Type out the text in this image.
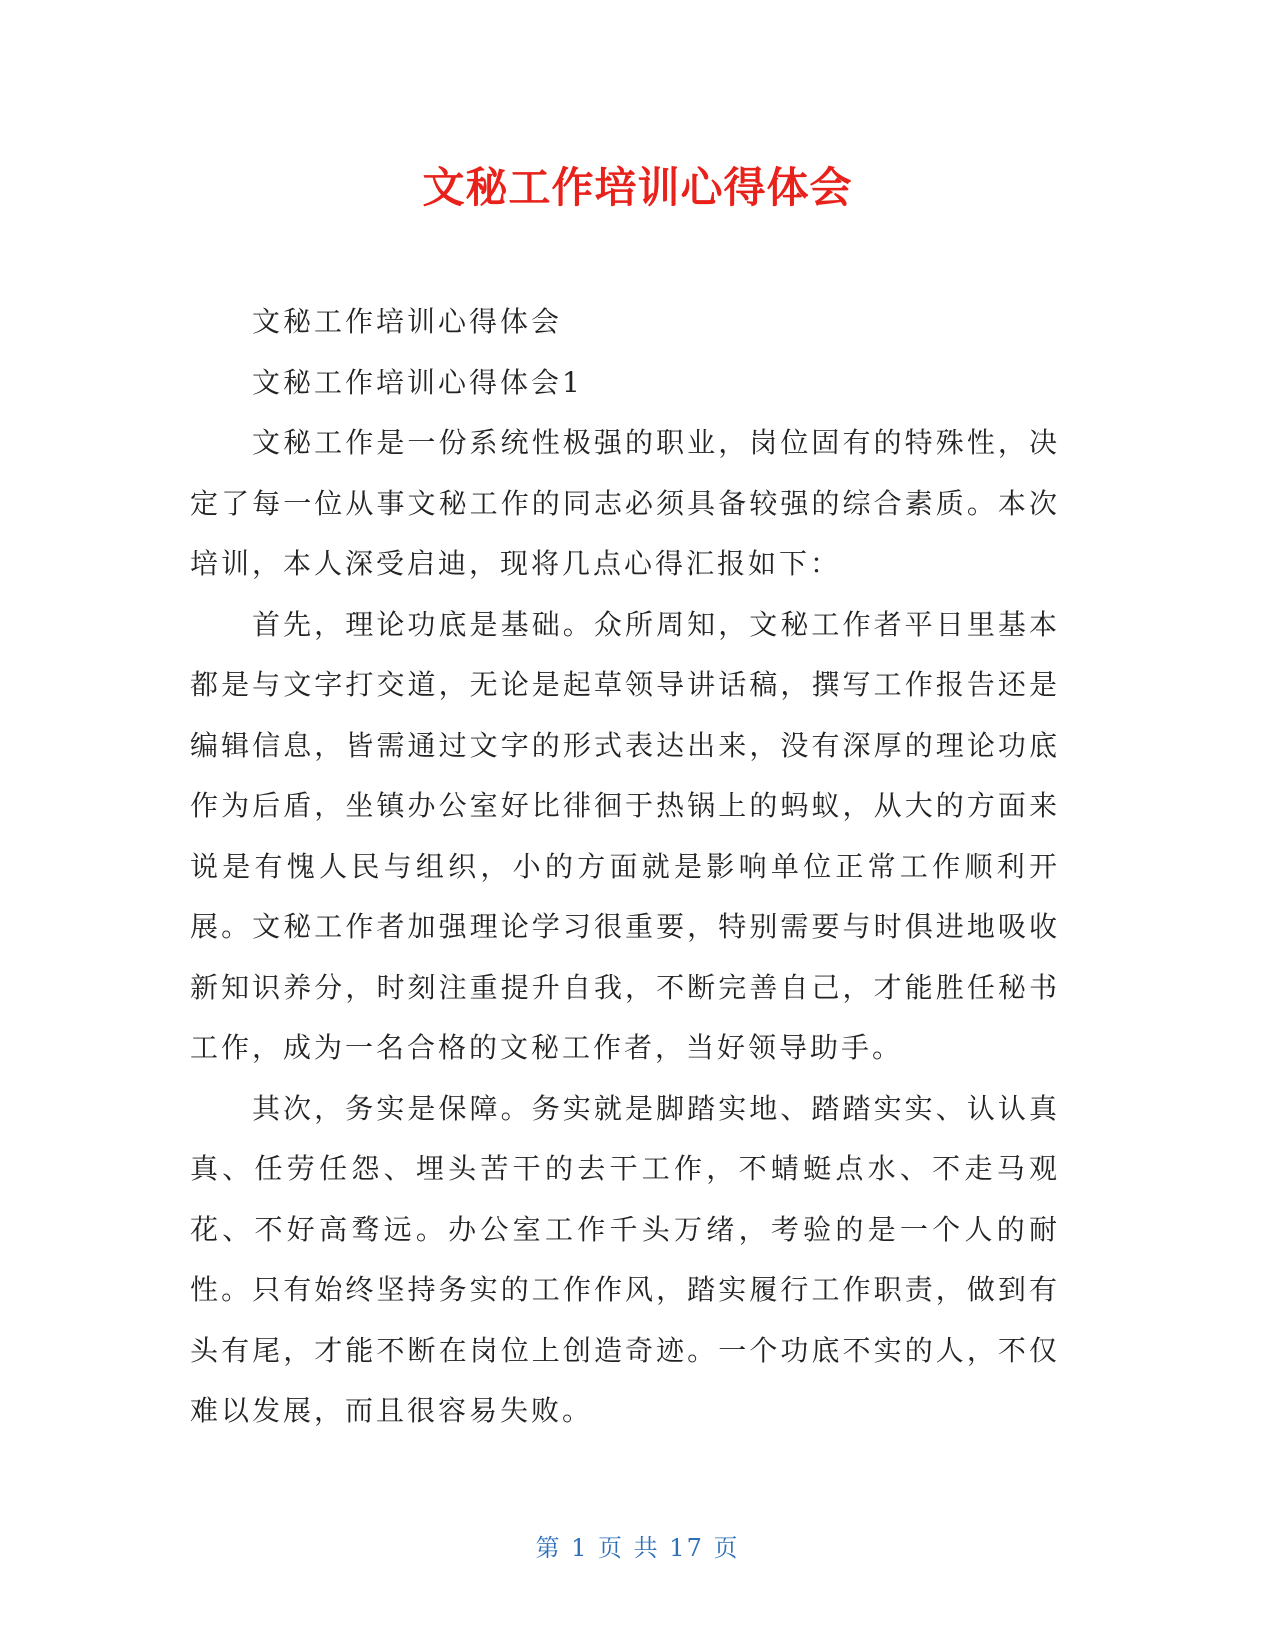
文秘工作培训心得体会

文秘工作培训心得体会

文秘工作培训心得体会1

文秘工作是一份系统性极强的职业，岗位固有的特殊性，决定了每一位从事文秘工作的同志必须具备较强的综合素质。本次培训，本人深受启迪，现将几点心得汇报如下：

首先，理论功底是基础。众所周知，文秘工作者平日里基本都是与文字打交道，无论是起草领导讲话稿，撰写工作报告还是编辑信息，皆需通过文字的形式表达出来，没有深厚的理论功底作为后盾，坐镇办公室好比徘徊于热锅上的蚂蚁，从大的方面来说是有愧人民与组织，小的方面就是影响单位正常工作顺利开展。文秘工作者加强理论学习很重要，特别需要与时俱进地吸收新知识养分，时刻注重提升自我，不断完善自己，才能胜任秘书工作，成为一名合格的文秘工作者，当好领导助手。

其次，务实是保障。务实就是脚踏实地、踏踏实实、认认真真、任劳任怨、埋头苦干的去干工作，不蜻蜓点水、不走马观花、不好高骛远。办公室工作千头万绪，考验的是一个人的耐性。只有始终坚持务实的工作作风，踏实履行工作职责，做到有头有尾，才能不断在岗位上创造奇迹。一个功底不实的人，不仅难以发展，而且很容易失败。

第 1 页 共 17 页
